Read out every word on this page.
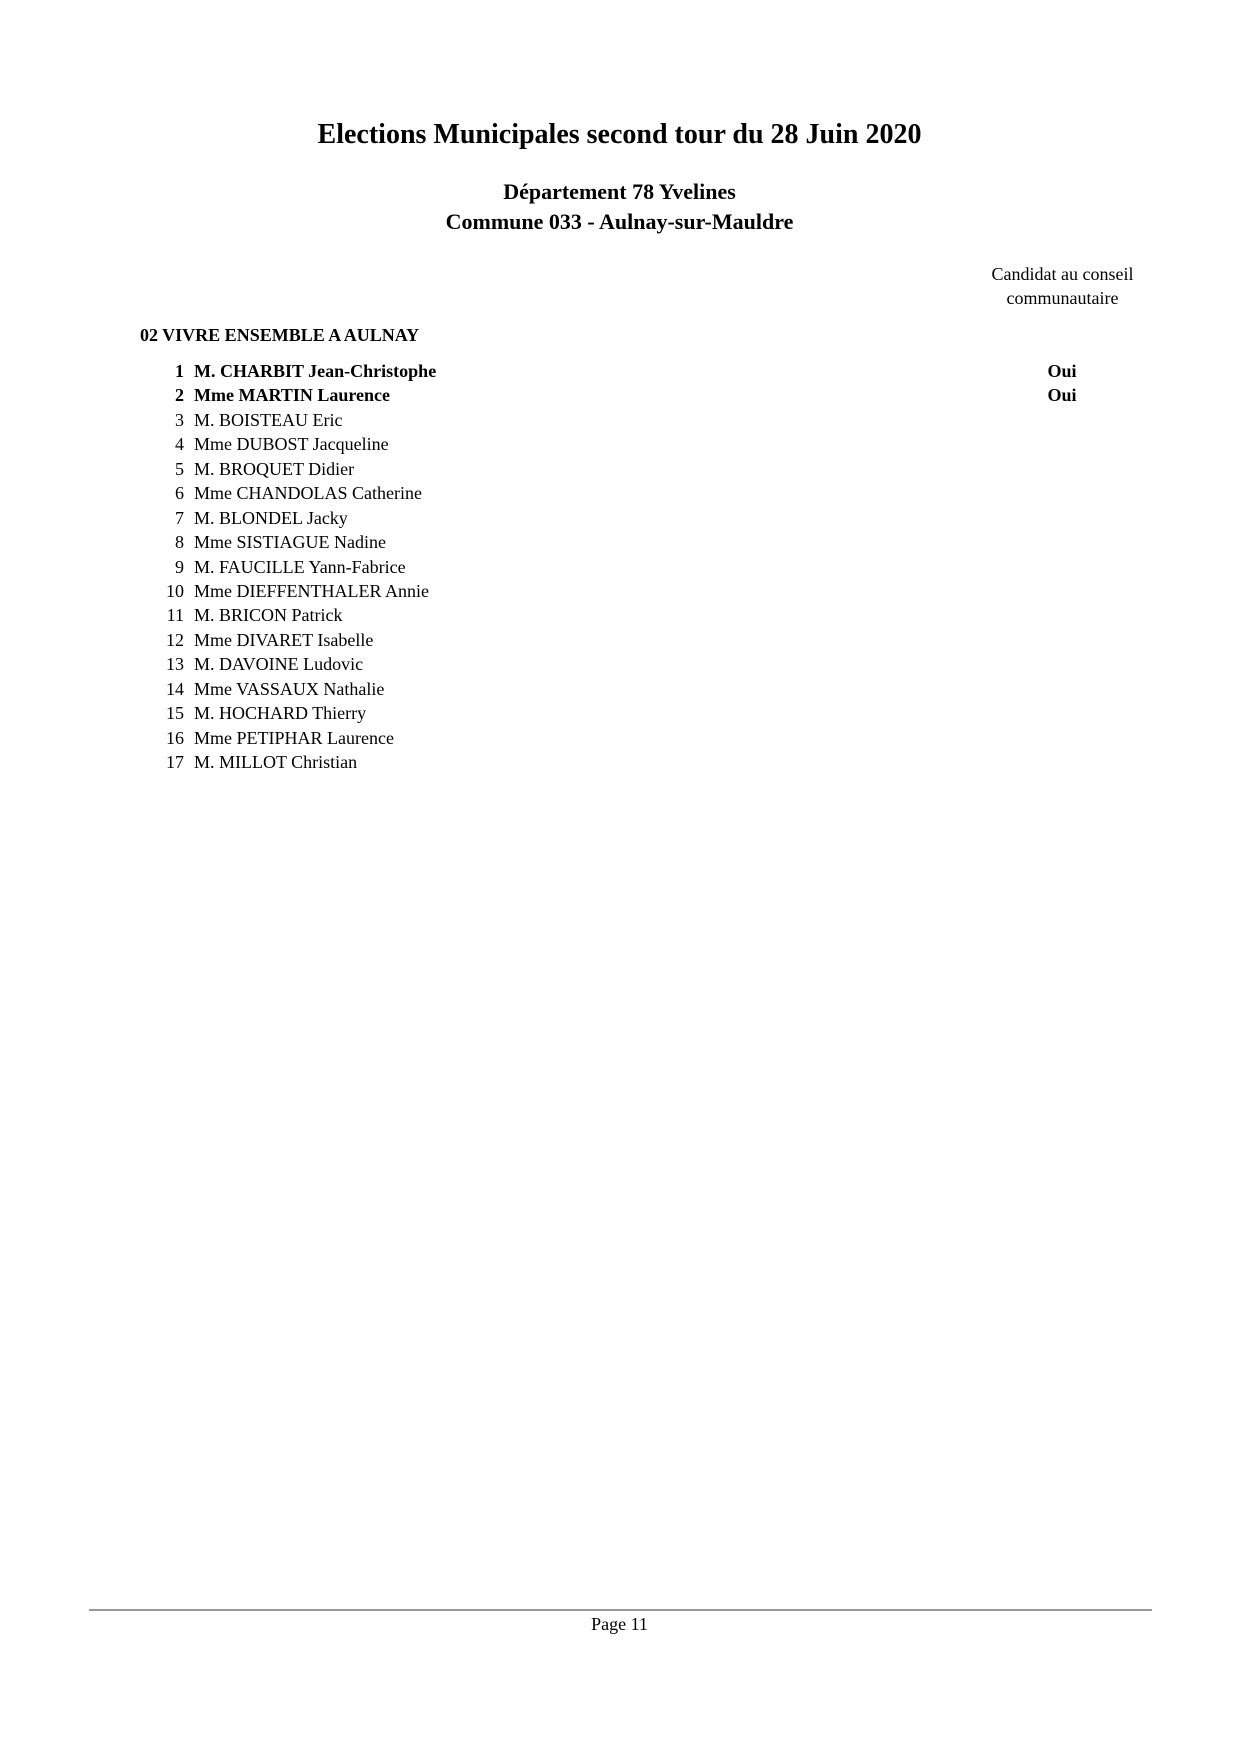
Elections Municipales second tour du 28 Juin 2020
Département 78 Yvelines
Commune 033 - Aulnay-sur-Mauldre
Candidat au conseil
communautaire
02 VIVRE ENSEMBLE A AULNAY
1 M. CHARBIT Jean-Christophe	Oui
2 Mme MARTIN Laurence	Oui
3 M. BOISTEAU Eric
4 Mme DUBOST Jacqueline
5 M. BROQUET Didier
6 Mme CHANDOLAS Catherine
7 M. BLONDEL Jacky
8 Mme SISTIAGUE Nadine
9 M. FAUCILLE Yann-Fabrice
10 Mme DIEFFENTHALER Annie
11 M. BRICON Patrick
12 Mme DIVARET Isabelle
13 M. DAVOINE Ludovic
14 Mme VASSAUX Nathalie
15 M. HOCHARD Thierry
16 Mme PETIPHAR Laurence
17 M. MILLOT Christian
Page 11
